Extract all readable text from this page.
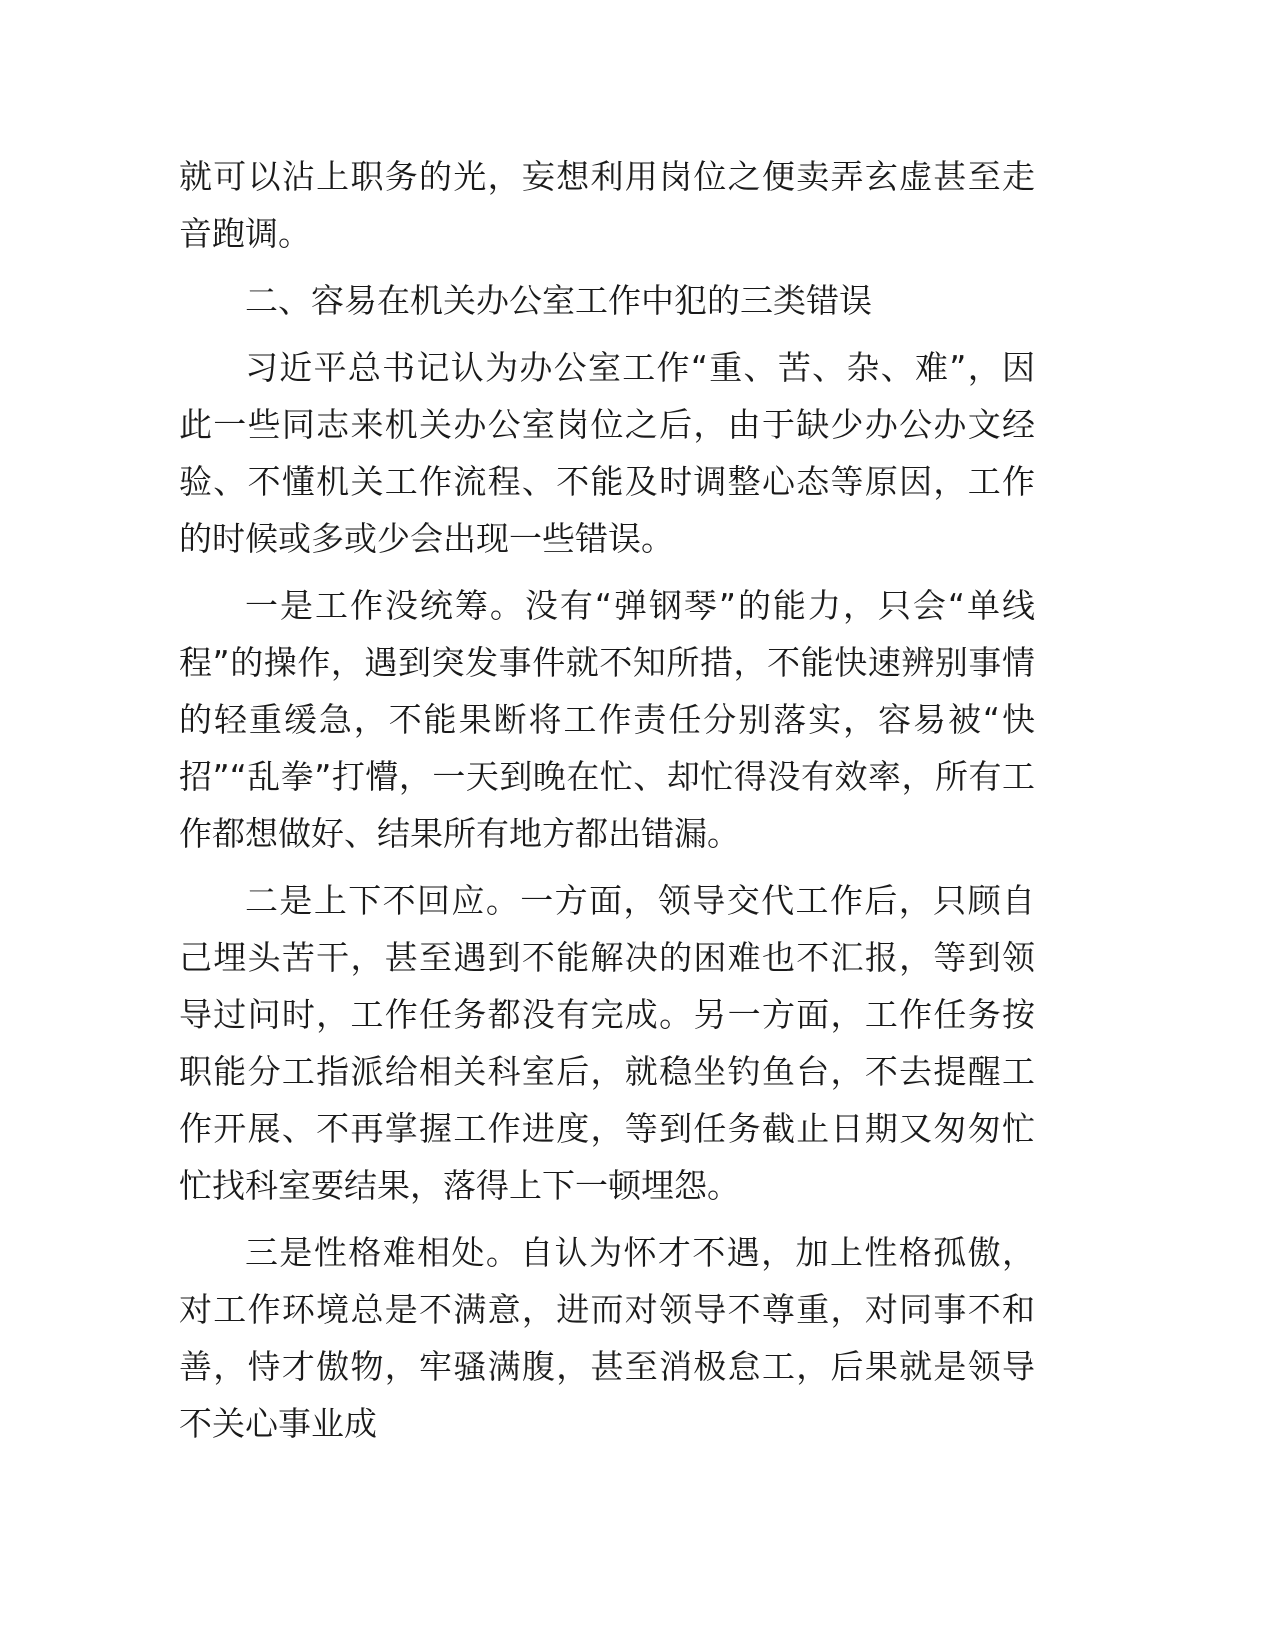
就可以沾上职务的光，妄想利用岗位之便卖弄玄虚甚至走音跑调。

二、容易在机关办公室工作中犯的三类错误

习近平总书记认为办公室工作“重、苦、杂、难”，因此一些同志来机关办公室岗位之后，由于缺少办公办文经验、不懂机关工作流程、不能及时调整心态等原因，工作的时候或多或少会出现一些错误。

一是工作没统筹。没有“弹钢琴”的能力，只会“单线程”的操作，遇到突发事件就不知所措，不能快速辨别事情的轻重缓急，不能果断将工作责任分别落实，容易被“快招”“乱拳”打懵，一天到晚在忙、却忙得没有效率，所有工作都想做好、结果所有地方都出错漏。

二是上下不回应。一方面，领导交代工作后，只顾自己埋头苦干，甚至遇到不能解决的困难也不汇报，等到领导过问时，工作任务都没有完成。另一方面，工作任务按职能分工指派给相关科室后，就稳坐钓鱼台，不去提醒工作开展、不再掌握工作进度，等到任务截止日期又匆匆忙忙找科室要结果，落得上下一顿埋怨。

三是性格难相处。自认为怀才不遇，加上性格孤傲，对工作环境总是不满意，进而对领导不尊重，对同事不和善，恃才傲物，牢骚满腹，甚至消极怠工，后果就是领导不关心事业成
